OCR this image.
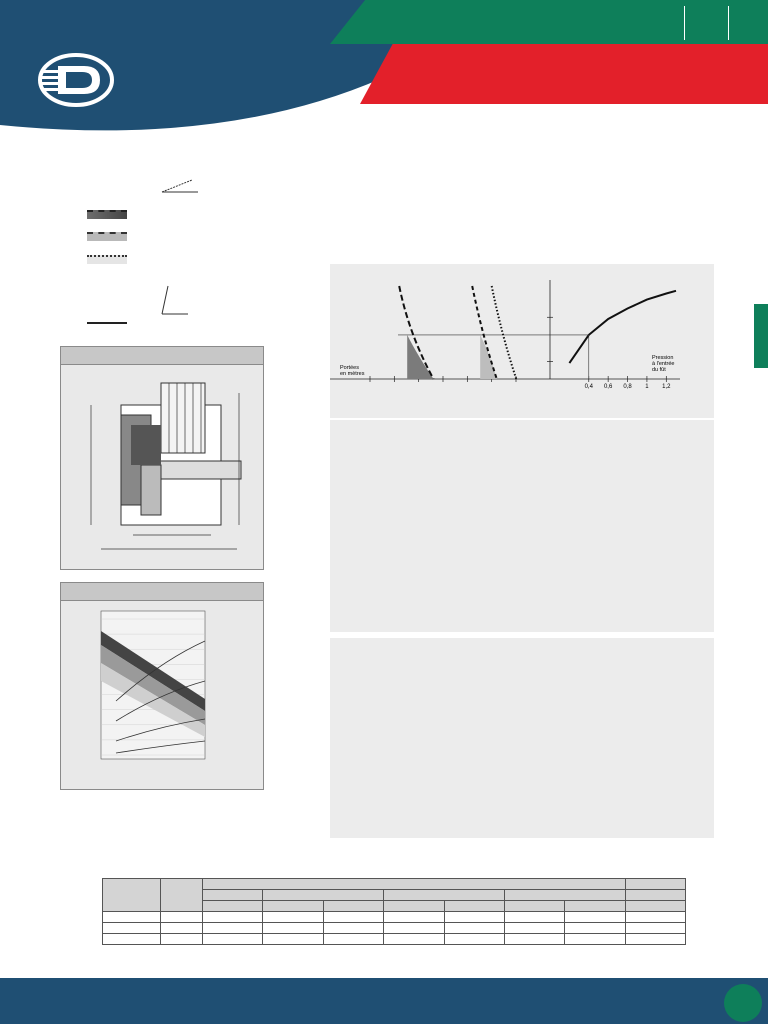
Portées
en mètres
0,4 0,6 0,8 1 1,2
Pression
à l'entrée
du fût
